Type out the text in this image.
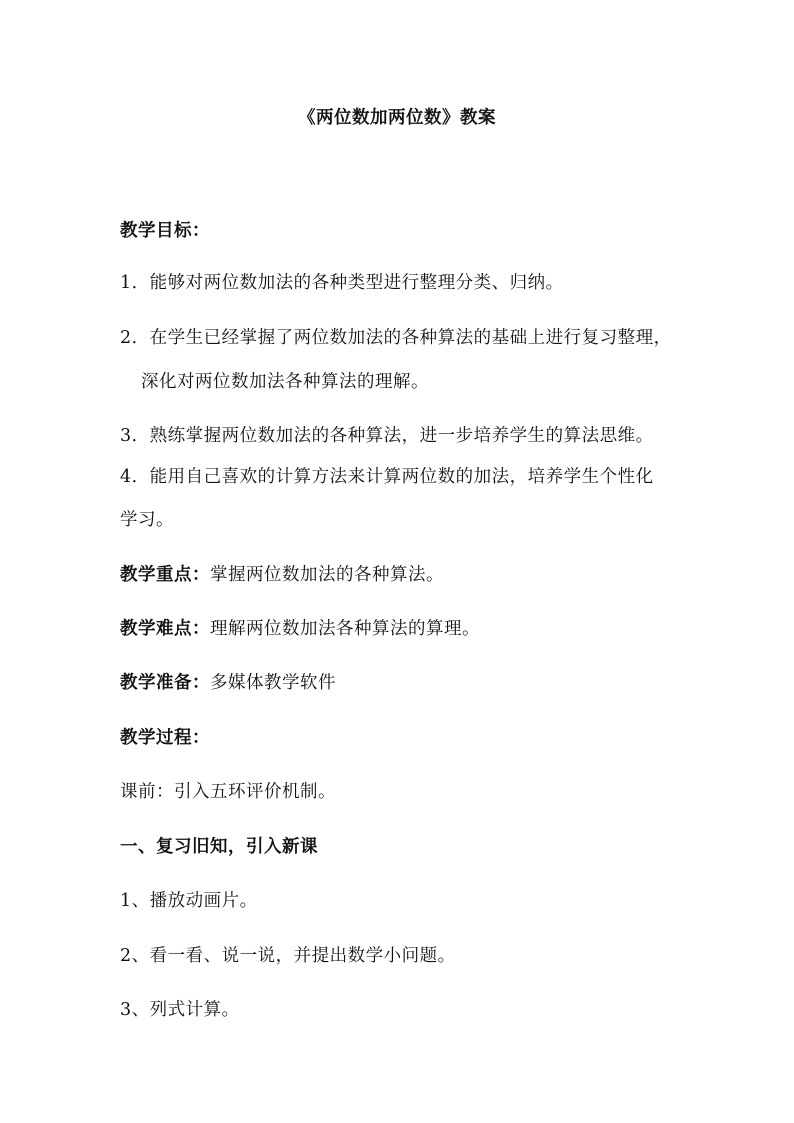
《两位数加两位数》教案
教学目标：
1．能够对两位数加法的各种类型进行整理分类、归纳。
2．在学生已经掌握了两位数加法的各种算法的基础上进行复习整理，
深化对两位数加法各种算法的理解。
3．熟练掌握两位数加法的各种算法，进一步培养学生的算法思维。
4．能用自己喜欢的计算方法来计算两位数的加法，培养学生个性化
学习。
教学重点：掌握两位数加法的各种算法。
教学难点：理解两位数加法各种算法的算理。
教学准备：多媒体教学软件
教学过程：
课前：引入五环评价机制。
一、复习旧知，引入新课
1、播放动画片。
2、看一看、说一说，并提出数学小问题。
3、列式计算。
